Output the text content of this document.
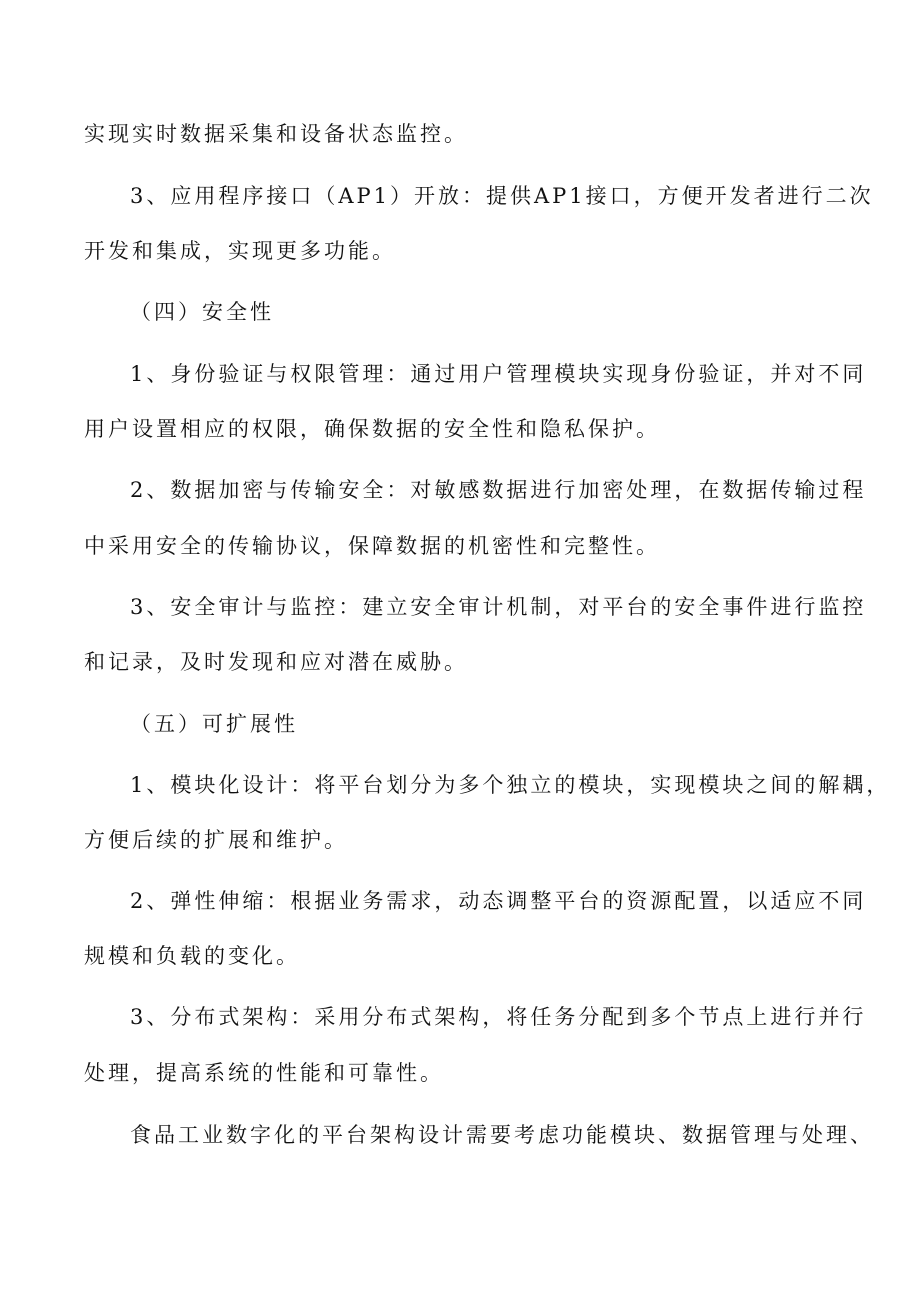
实现实时数据采集和设备状态监控。
3、应用程序接口（AP1）开放：提供AP1接口，方便开发者进行二次
开发和集成，实现更多功能。
（四）安全性
1、身份验证与权限管理：通过用户管理模块实现身份验证，并对不同
用户设置相应的权限，确保数据的安全性和隐私保护。
2、数据加密与传输安全：对敏感数据进行加密处理，在数据传输过程
中采用安全的传输协议，保障数据的机密性和完整性。
3、安全审计与监控：建立安全审计机制，对平台的安全事件进行监控
和记录，及时发现和应对潜在威胁。
（五）可扩展性
1、模块化设计：将平台划分为多个独立的模块，实现模块之间的解耦，
方便后续的扩展和维护。
2、弹性伸缩：根据业务需求，动态调整平台的资源配置，以适应不同
规模和负载的变化。
3、分布式架构：采用分布式架构，将任务分配到多个节点上进行并行
处理，提高系统的性能和可靠性。
食品工业数字化的平台架构设计需要考虑功能模块、数据管理与处理、
